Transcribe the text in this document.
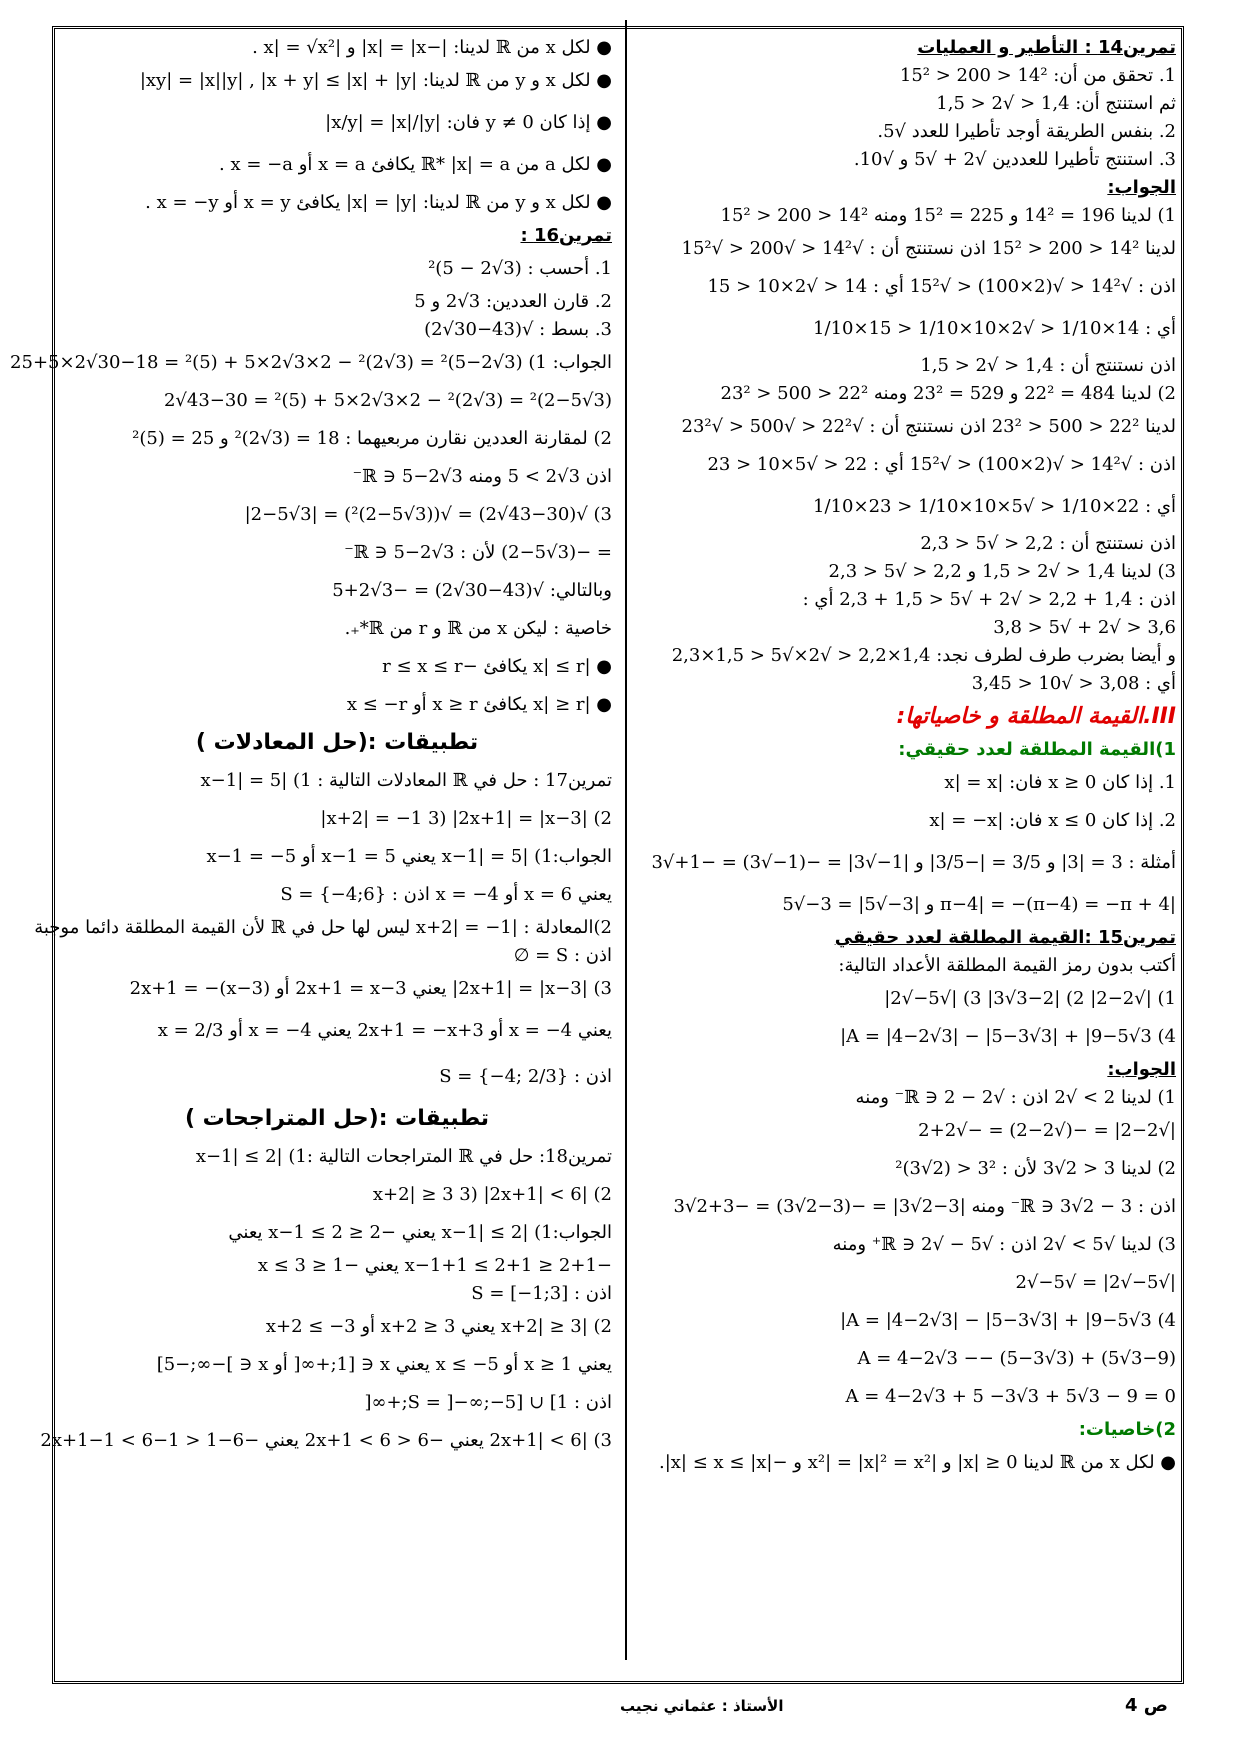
تمرين14 : التأطير و العمليات
1. تحقق من أن: 14² < 200 < 15²
ثم استنتج أن: 1,4 < √2 < 1,5
2. بنفس الطريقة أوجد تأطيرا للعدد √5.
3. استنتج تأطيرا للعددين √2 + √5 و √10.
الجواب:
1) لدينا 196 = 14² و 225 = 15² ومنه 14² < 200 < 15²
لدينا 14² < 200 < 15² اذن نستنتج أن : √14² < √200 < √15²
اذن : √14² < √(2×100) < √15² أي : 14 < √2×10 < 15
أي : 14×1/10 < √2×10×1/10 < 15×1/10
اذن نستنتج أن : 1,4 < √2 < 1,5
2) لدينا 484 = 22² و 529 = 23² ومنه 22² < 500 < 23²
لدينا 22² < 500 < 23² اذن نستنتج أن : √22² < √500 < √23²
اذن : √14² < √(2×100) < √15² أي : 22 < √5×10 < 23
أي : 22×1/10 < √5×10×1/10 < 23×1/10
اذن نستنتج أن : 2,2 < √5 < 2,3
3) لدينا 1,4 < √2 < 1,5 و 2,2 < √5 < 2,3
اذن : 1,4 + 2,2 < √2 + √5 < 1,5 + 2,3 أي :
3,6 < √2 + √5 < 3,8
و أيضا بضرب طرف لطرف نجد: 1,4×2,2 < √2×√5 < 1,5×2,3
أي : 3,08 < √10 < 3,45
III.القيمة المطلقة و خاصياتها:
1)القيمة المطلقة لعدد حقيقي:
1. إذا كان x ≥ 0 فان: |x| = x
2. إذا كان x ≤ 0 فان: |x| = −x
أمثلة : 3 = |3| و 3/5 = |−3/5| و |1−√3| = −(1−√3) = −1+√3
|π−4| = −(π−4) = −π + 4 و |3−√5| = 3−√5
تمرين15 :القيمة المطلقة لعدد حقيقي
أكتب بدون رمز القيمة المطلقة الأعداد التالية:
1) |√2−2| 2) |3−2√3| 3) |√5−√2|
4) A = |4−2√3| − |5−3√3| + |9−5√3|
الجواب:
1) لدينا 2 > √2 اذن : √2 − 2 ∈ ℝ⁻ ومنه
|√2−2| = −(√2−2) = −√2+2
2) لدينا 3 < 2√3 لأن : 3² < (2√3)²
اذن : 3 − 2√3 ∈ ℝ⁻ ومنه |3−2√3| = −(3−2√3) = −3+2√3
3) لدينا √5 > √2 اذن : √5 − √2 ∈ ℝ⁺ ومنه
|√5−√2| = √5−√2
4) A = |4−2√3| − |5−3√3| + |9−5√3|
A = 4−2√3 −− (5−3√3) + (5√3−9)
A = 4−2√3 + 5 −3√3 + 5√3 − 9 = 0
2)خاصيات:
● لكل x من ℝ لدينا 0 ≤ |x| و |x²| = |x|² = x² و −|x| ≤ x ≤ |x|.
● لكل x من ℝ لدينا: |−x| = |x| و |x| = √x² .
● لكل x و y من ℝ لدينا: |xy| = |x||y| , |x + y| ≤ |x| + |y|
● إذا كان y ≠ 0 فان: |x/y| = |x|/|y|
● لكل a من ℝ* |x| = a يكافئ x = a أو x = −a .
● لكل x و y من ℝ لدينا: |x| = |y| يكافئ x = y أو x = −y .
تمرين16 :
1. أحسب : (3√2 − 5)²
2. قارن العددين: 3√2 و 5
3. بسط : √(43−30√2)
الجواب: 1) (3√2−5)² = (3√2)² − 2×3√2×5 + (5)² = 18−30√2×5+25
(3√2−5)² = (3√2)² − 2×3√2×5 + (5)² = 43−30√2
2) لمقارنة العددين نقارن مربعيهما : 18 = (3√2)² و 25 = (5)²
اذن 3√2 > 5 ومنه 3√2−5 ∈ ℝ⁻
3) √(43−30√2) = √((3√2−5)²) = |3√2−5|
= −(3√2−5) لأن : 3√2−5 ∈ ℝ⁻
وبالتالي: √(43−30√2) = −3√2+5
خاصية : ليكن x من ℝ و r من ℝ*₊.
● |x| ≤ r يكافئ −r ≤ x ≤ r
● |x| ≥ r يكافئ x ≥ r أو x ≤ −r
تطبيقات :(حل المعادلات )
تمرين17 : حل في ℝ المعادلات التالية : 1) |x−1| = 5
2) |x+2| = −1 3) |2x+1| = |x−3|
الجواب:1) |x−1| = 5 يعني x−1 = 5 أو x−1 = −5
يعني x = 6 أو x = −4 اذن : S = {−4;6}
2)المعادلة : |x+2| = −1 ليس لها حل في ℝ لأن القيمة المطلقة دائما موجبة
اذن : S = ∅
3) |2x+1| = |x−3| يعني 2x+1 = x−3 أو 2x+1 = −(x−3)
يعني x = −4 أو 2x+1 = −x+3 يعني x = −4 أو x = 2/3
اذن : S = {−4; 2/3}
تطبيقات :(حل المتراجحات )
تمرين18: حل في ℝ المتراجحات التالية :1) |x−1| ≤ 2
2) |x+2| ≥ 3 3) |2x+1| < 6
الجواب:1) |x−1| ≤ 2 يعني −2 ≤ x−1 ≤ 2 يعني
−2+1 ≤ x−1+1 ≤ 2+1 يعني −1 ≤ x ≤ 3
اذن : S = [−1;3]
2) |x+2| ≥ 3 يعني x+2 ≥ 3 أو x+2 ≤ −3
يعني x ≥ 1 أو x ≤ −5 يعني x ∈ [1;+∞[ أو x ∈ ]−∞;−5]
اذن : S = ]−∞;−5] ∪ [1;+∞[
3) |2x+1| < 6 يعني −6 < 2x+1 < 6 يعني −6−1 < 2x+1−1 < 6−1
ص 4
الأستاذ : عثماني نجيب
